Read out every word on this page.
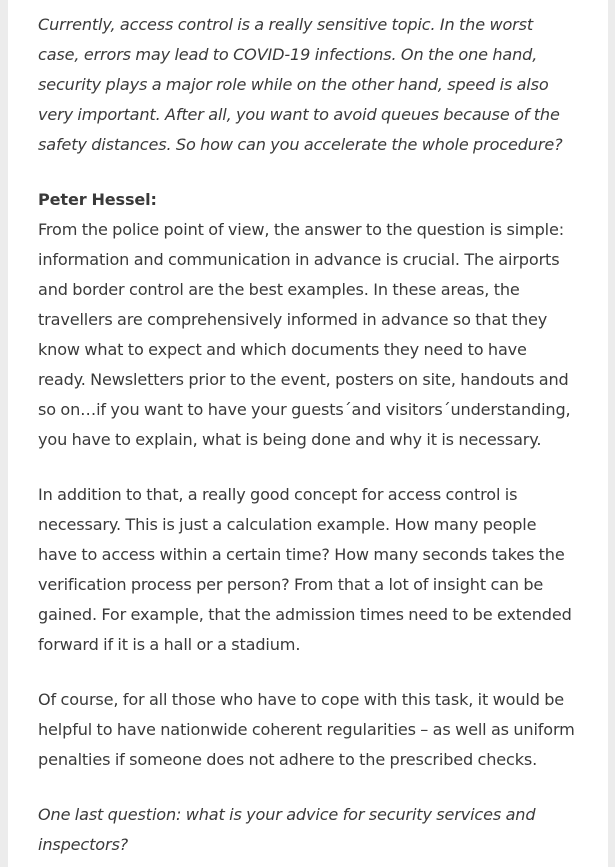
Currently, access control is a really sensitive topic. In the worst case, errors may lead to COVID-19 infections. On the one hand, security plays a major role while on the other hand, speed is also very important. After all, you want to avoid queues because of the safety distances. So how can you accelerate the whole procedure?

Peter Hessel:
From the police point of view, the answer to the question is simple: information and communication in advance is crucial. The airports and border control are the best examples. In these areas, the travellers are comprehensively informed in advance so that they know what to expect and which documents they need to have ready. Newsletters prior to the event, posters on site, handouts and so on…if you want to have your guests´and visitors´understanding, you have to explain, what is being done and why it is necessary.

In addition to that, a really good concept for access control is necessary. This is just a calculation example. How many people have to access within a certain time? How many seconds takes the verification process per person? From that a lot of insight can be gained. For example, that the admission times need to be extended forward if it is a hall or a stadium.

Of course, for all those who have to cope with this task, it would be helpful to have nationwide coherent regularities – as well as uniform penalties if someone does not adhere to the prescribed checks.

One last question: what is your advice for security services and inspectors?
